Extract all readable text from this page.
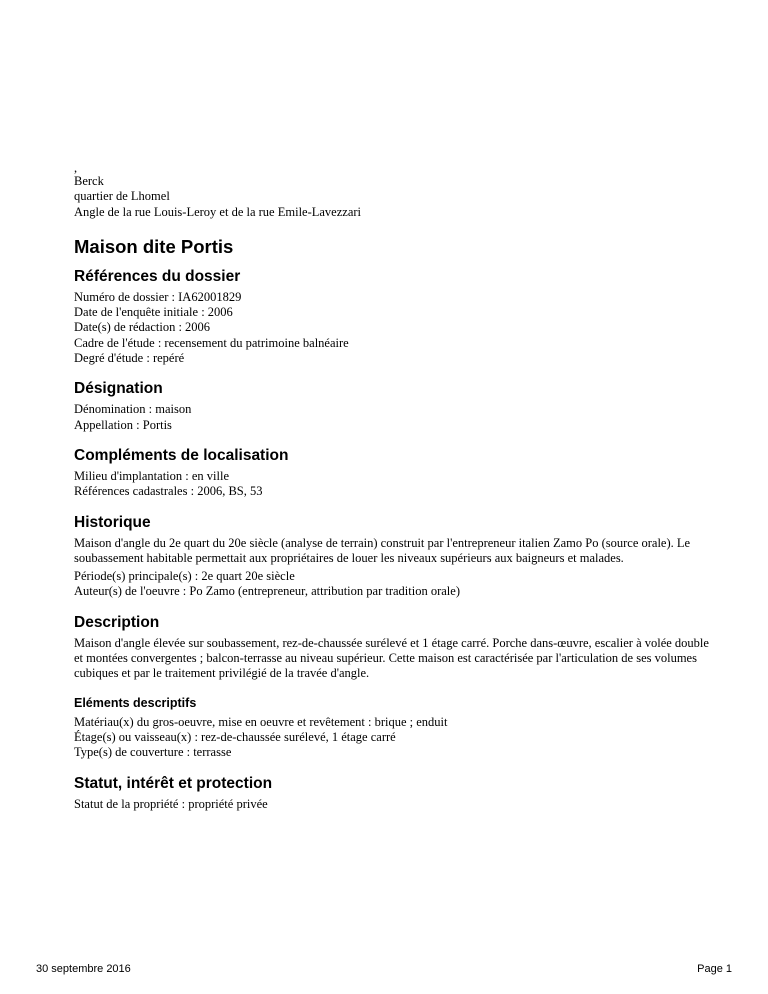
,
Berck
quartier de Lhomel
Angle de la rue Louis-Leroy et de la rue Emile-Lavezzari
Maison dite Portis
Références du dossier
Numéro de dossier : IA62001829
Date de l'enquête initiale : 2006
Date(s) de rédaction : 2006
Cadre de l'étude : recensement du patrimoine balnéaire
Degré d'étude : repéré
Désignation
Dénomination : maison
Appellation : Portis
Compléments de localisation
Milieu d'implantation : en ville
Références cadastrales : 2006, BS, 53
Historique
Maison d'angle du 2e quart du 20e siècle (analyse de terrain) construit par l'entrepreneur italien Zamo Po (source orale). Le soubassement habitable permettait aux propriétaires de louer les niveaux supérieurs aux baigneurs et malades.
Période(s) principale(s) : 2e quart 20e siècle
Auteur(s) de l'oeuvre : Po Zamo (entrepreneur, attribution par tradition orale)
Description
Maison d'angle élevée sur soubassement, rez-de-chaussée surélevé et 1 étage carré. Porche dans-œuvre, escalier à volée double et montées convergentes ; balcon-terrasse au niveau supérieur. Cette maison est caractérisée par l'articulation de ses volumes cubiques et par le traitement privilégié de la travée d'angle.
Eléments descriptifs
Matériau(x) du gros-oeuvre, mise en oeuvre et revêtement : brique ; enduit
Étage(s) ou vaisseau(x) : rez-de-chaussée surélevé, 1 étage carré
Type(s) de couverture : terrasse
Statut, intérêt et protection
Statut de la propriété : propriété privée
30 septembre 2016	Page 1
